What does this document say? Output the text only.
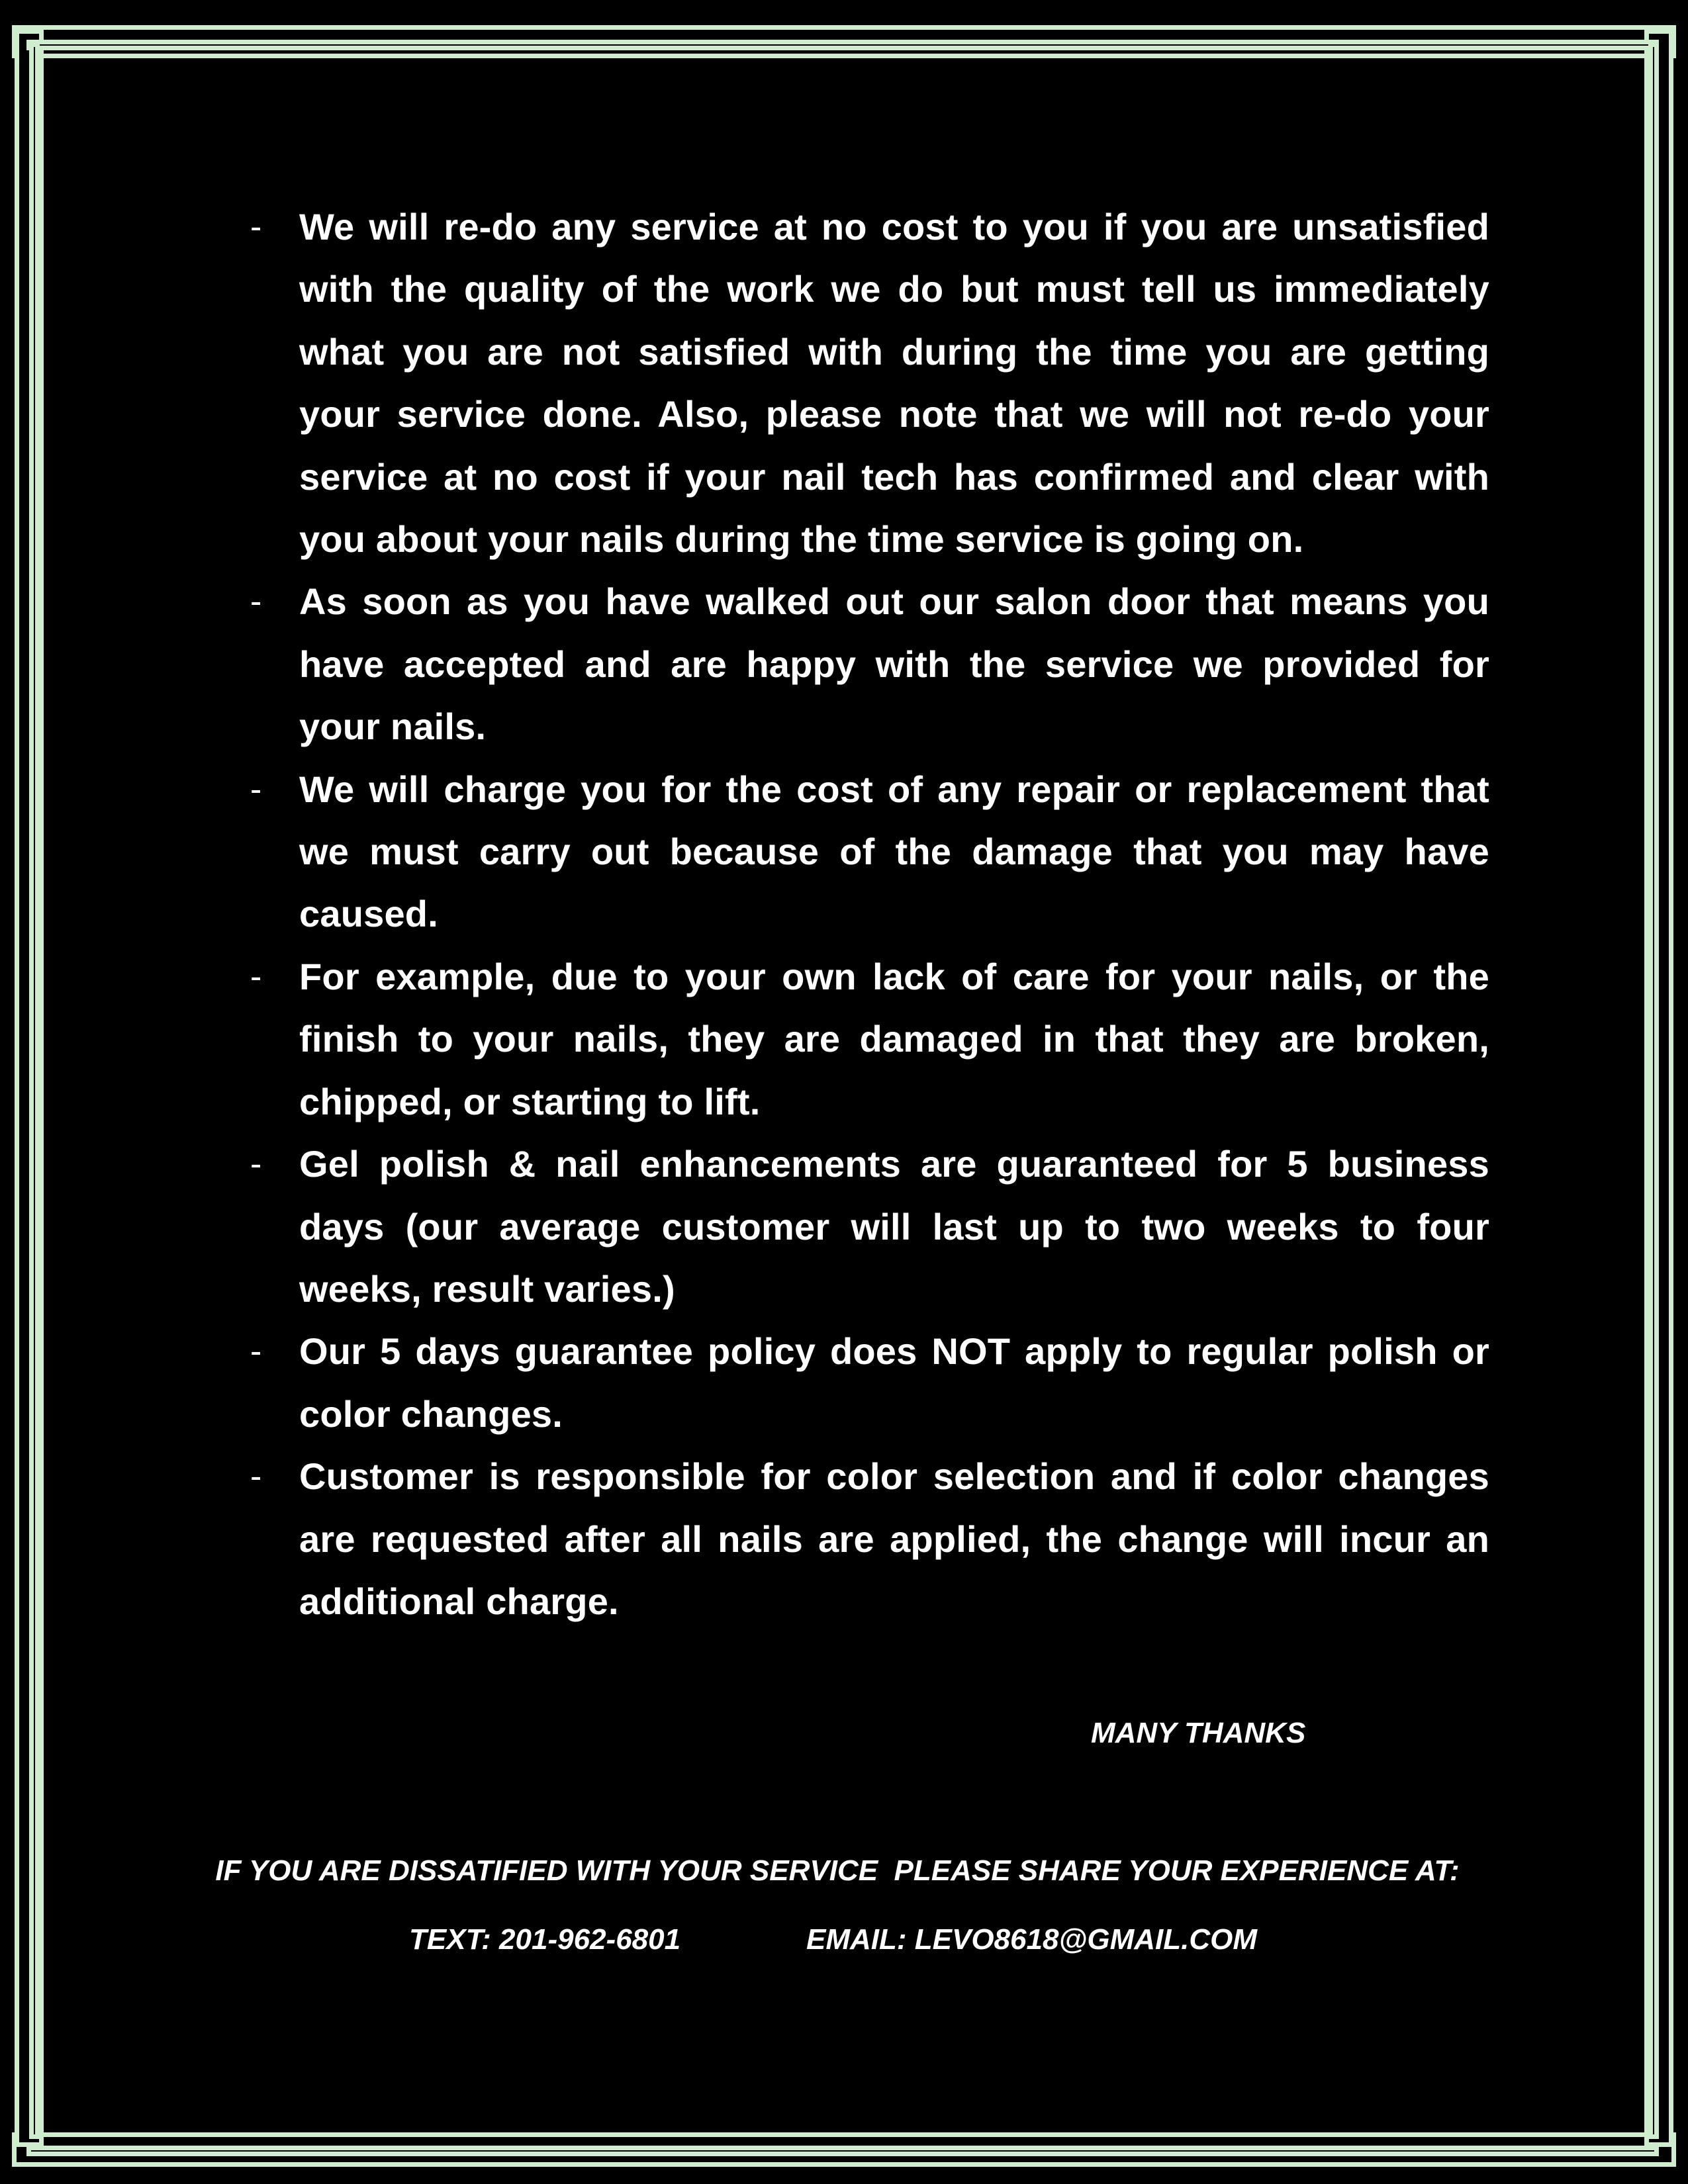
- We will re-do any service at no cost to you if you are unsatisfied with the quality of the work we do but must tell us immediately what you are not satisfied with during the time you are getting your service done. Also, please note that we will not re-do your service at no cost if your nail tech has confirmed and clear with you about your nails during the time service is going on.
- As soon as you have walked out our salon door that means you have accepted and are happy with the service we provided for your nails.
- We will charge you for the cost of any repair or replacement that we must carry out because of the damage that you may have caused.
- For example, due to your own lack of care for your nails, or the finish to your nails, they are damaged in that they are broken, chipped, or starting to lift.
- Gel polish & nail enhancements are guaranteed for 5 business days (our average customer will last up to two weeks to four weeks, result varies.)
- Our 5 days guarantee policy does NOT apply to regular polish or color changes.
- Customer is responsible for color selection and if color changes are requested after all nails are applied, the change will incur an additional charge.
MANY THANKS
IF YOU ARE DISSATIFIED WITH YOUR SERVICE  PLEASE SHARE YOUR EXPERIENCE AT:
TEXT: 201-962-6801	EMAIL: LEVO8618@GMAIL.COM
